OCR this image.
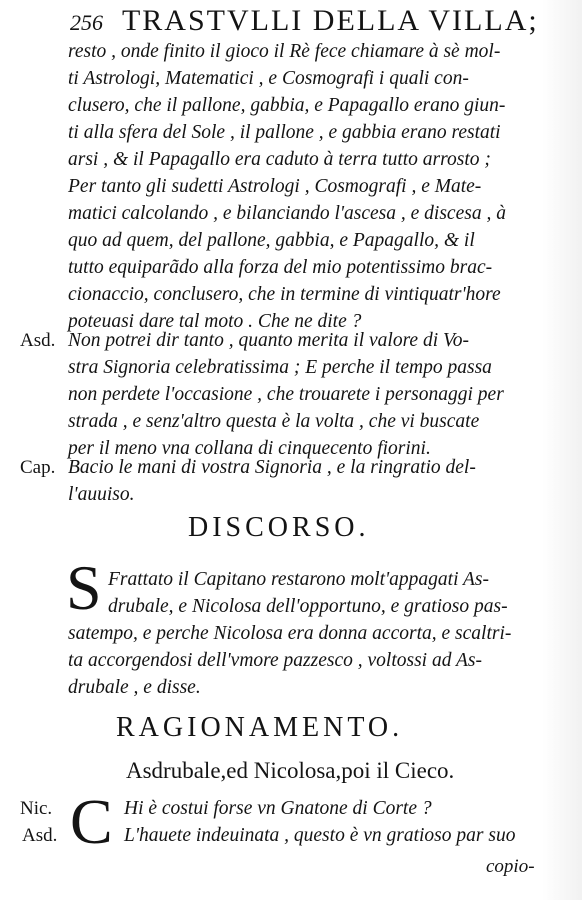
256 TRASTVLLI DELLA VILLA;
resto , onde finito il gioco il Rè fece chiamare à sè mol-
ti Astrologi, Matematici , e Cosmografi i quali con-
clusero, che il pallone, gabbia, e Papagallo erano giun-
ti alla sfera del Sole , il pallone , e gabbia erano restati
arsi , & il Papagallo era caduto à terra tutto arrosto ;
Per tanto gli sudetti Astrologi , Cosmografi , e Mate-
matici calcolando , e bilanciando l'ascesa , e discesa , à
quo ad quem, del pallone, gabbia, e Papagallo, & il
tutto equiparãdo alla forza del mio potentissimo brac-
cionaccio, conclusero, che in termine di vintiquatr'hore
poteuasi dare tal moto . Che ne dite ?
Asd. Non potrei dir tanto , quanto merita il valore di Vo-
stra Signoria celebratissima ; E perche il tempo passa
non perdete l'occasione , che trouarete i personaggi per
strada , e senz'altro questa è la volta , che vi buscate
per il meno vna collana di cinquecento fiorini.
Cap. Bacio le mani di vostra Signoria , e la ringratio del-
l'auuiso.
DISCORSO.
S Frattato il Capitano restarono molt'appagati As-
drubale, e Nicolosa dell'opportuno, e gratioso pas-
satempo, e perche Nicolosa era donna accorta, e scaltri-
ta accorgendosi dell'vmore pazzesco , voltossi ad As-
drubale , e disse.
RAGIONAMENTO.
Asdrubale,ed Nicolosa,poi il Cieco.
Nic.
Asd. C Hi è costui forse vn Gnatone di Corte ?
L'hauete indeuinata , questo è vn gratioso par suo
copio-
